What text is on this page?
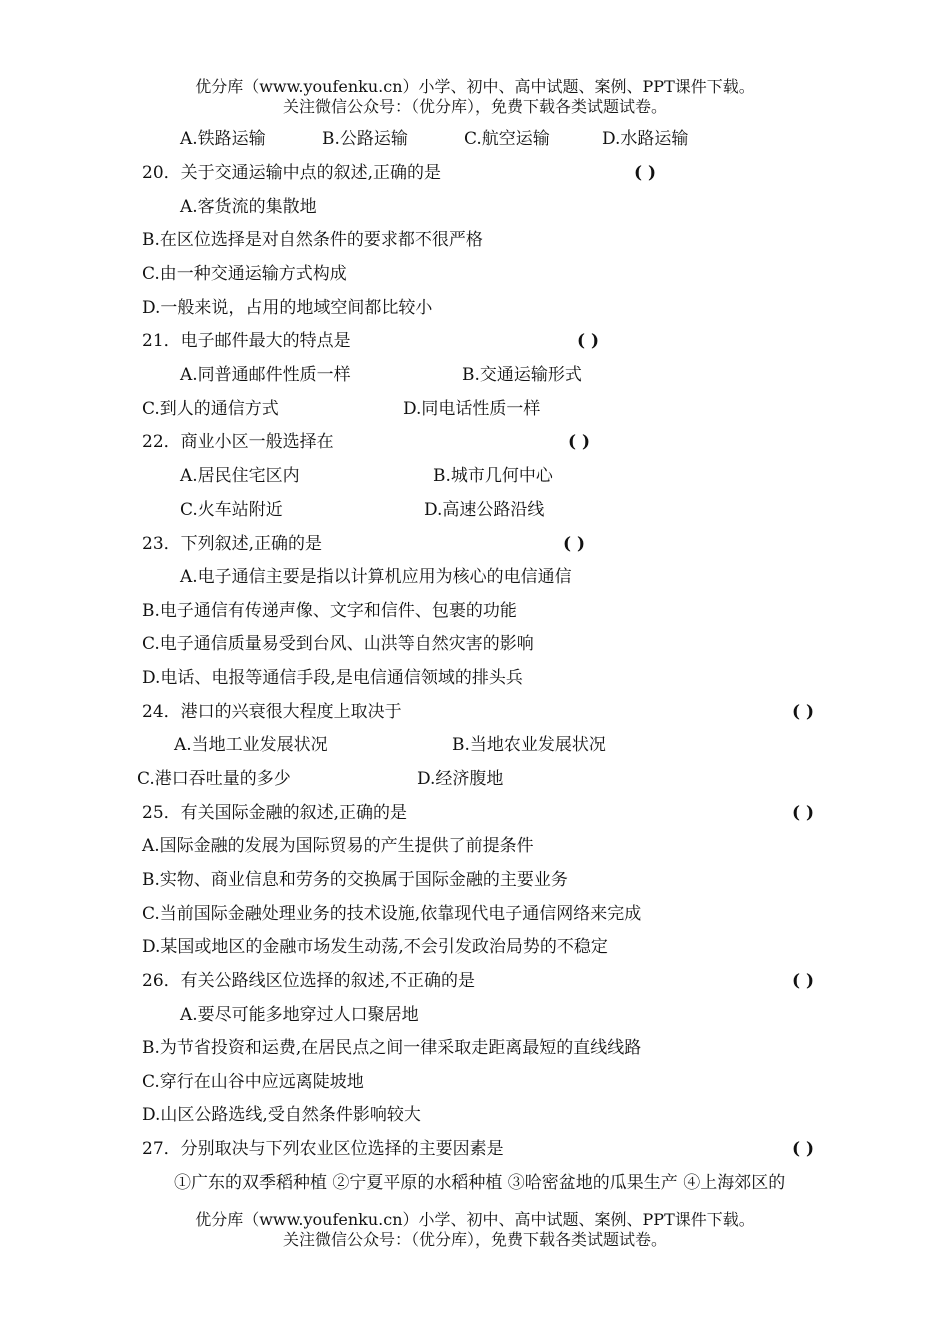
优分库（www.youfenku.cn）小学、初中、高中试题、案例、PPT课件下载。
关注微信公众号：（优分库），免费下载各类试题试卷。
A.铁路运输	B.公路运输	C.航空运输	D.水路运输
20．关于交通运输中点的叙述,正确的是	( )
A.客货流的集散地
B.在区位选择是对自然条件的要求都不很严格
C.由一种交通运输方式构成
D.一般来说，占用的地域空间都比较小
21．电子邮件最大的特点是	( )
A.同普通邮件性质一样	B.交通运输形式
C.到人的通信方式	D.同电话性质一样
22．商业小区一般选择在	( )
A.居民住宅区内	B.城市几何中心
C.火车站附近	D.高速公路沿线
23．下列叙述,正确的是	( )
A.电子通信主要是指以计算机应用为核心的电信通信
B.电子通信有传递声像、文字和信件、包裹的功能
C.电子通信质量易受到台风、山洪等自然灾害的影响
D.电话、电报等通信手段,是电信通信领域的排头兵
24．港口的兴衰很大程度上取决于	( )
A.当地工业发展状况	B.当地农业发展状况
C.港口吞吐量的多少	D.经济腹地
25．有关国际金融的叙述,正确的是	( )
A.国际金融的发展为国际贸易的产生提供了前提条件
B.实物、商业信息和劳务的交换属于国际金融的主要业务
C.当前国际金融处理业务的技术设施,依靠现代电子通信网络来完成
D.某国或地区的金融市场发生动荡,不会引发政治局势的不稳定
26．有关公路线区位选择的叙述,不正确的是	( )
A.要尽可能多地穿过人口聚居地
B.为节省投资和运费,在居民点之间一律采取走距离最短的直线线路
C.穿行在山谷中应远离陡坡地
D.山区公路选线,受自然条件影响较大
27．分别取决与下列农业区位选择的主要因素是	( )
①广东的双季稻种植 ②宁夏平原的水稻种植 ③哈密盆地的瓜果生产 ④上海郊区的
优分库（www.youfenku.cn）小学、初中、高中试题、案例、PPT课件下载。
关注微信公众号：（优分库），免费下载各类试题试卷。
